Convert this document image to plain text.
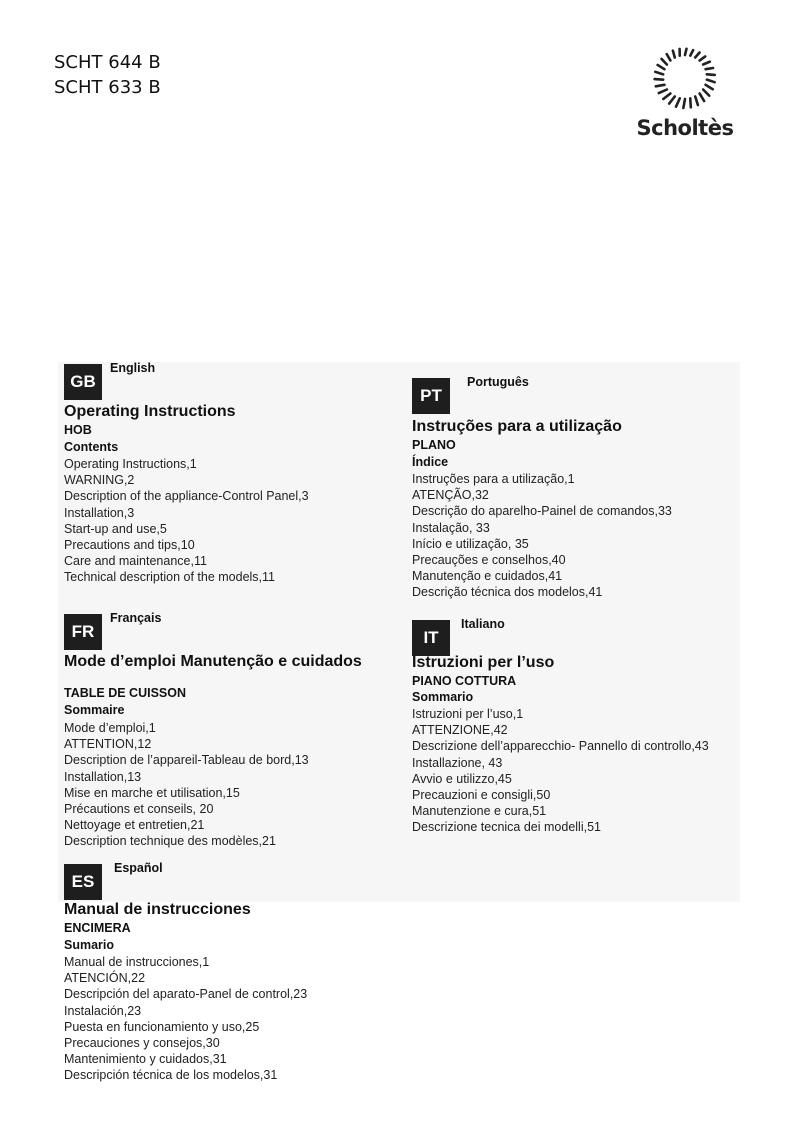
SCHT 644 B
SCHT 633 B
Scholtès
GB
English
Operating Instructions
HOB
Contents
Operating Instructions,1
WARNING,2
Description of the appliance-Control Panel,3
Installation,3
Start-up and use,5
Precautions and tips,10
Care and maintenance,11
Technical description of the models,11
FR
Français
Mode d’emploi Manutenção e cuidados
TABLE DE CUISSON
Sommaire
Mode d’emploi,1
ATTENTION,12
Description de l’appareil-Tableau de bord,13
Installation,13
Mise en marche et utilisation,15
Précautions et conseils, 20
Nettoyage et entretien,21
Description technique des modèles,21
ES
Español
Manual de instrucciones
ENCIMERA
Sumario
Manual de instrucciones,1
ATENCIÓN,22
Descripción del aparato-Panel de control,23
Instalación,23
Puesta en funcionamiento y uso,25
Precauciones y consejos,30
Mantenimiento y cuidados,31
Descripción técnica de los modelos,31
PT
Português
Instruções para a utilização
PLANO
Índice
Instruções para a utilização,1
ATENÇÃO,32
Descrição do aparelho-Painel de comandos,33
Instalação, 33
Início e utilização, 35
Precauções e conselhos,40
Manutenção e cuidados,41
Descrição técnica dos modelos,41
IT
Italiano
Istruzioni per l’uso
PIANO COTTURA
Sommario
Istruzioni per l’uso,1
ATTENZIONE,42
Descrizione dell’apparecchio- Pannello di controllo,43
Installazione, 43
Avvio e utilizzo,45
Precauzioni e consigli,50
Manutenzione e cura,51
Descrizione tecnica dei modelli,51
